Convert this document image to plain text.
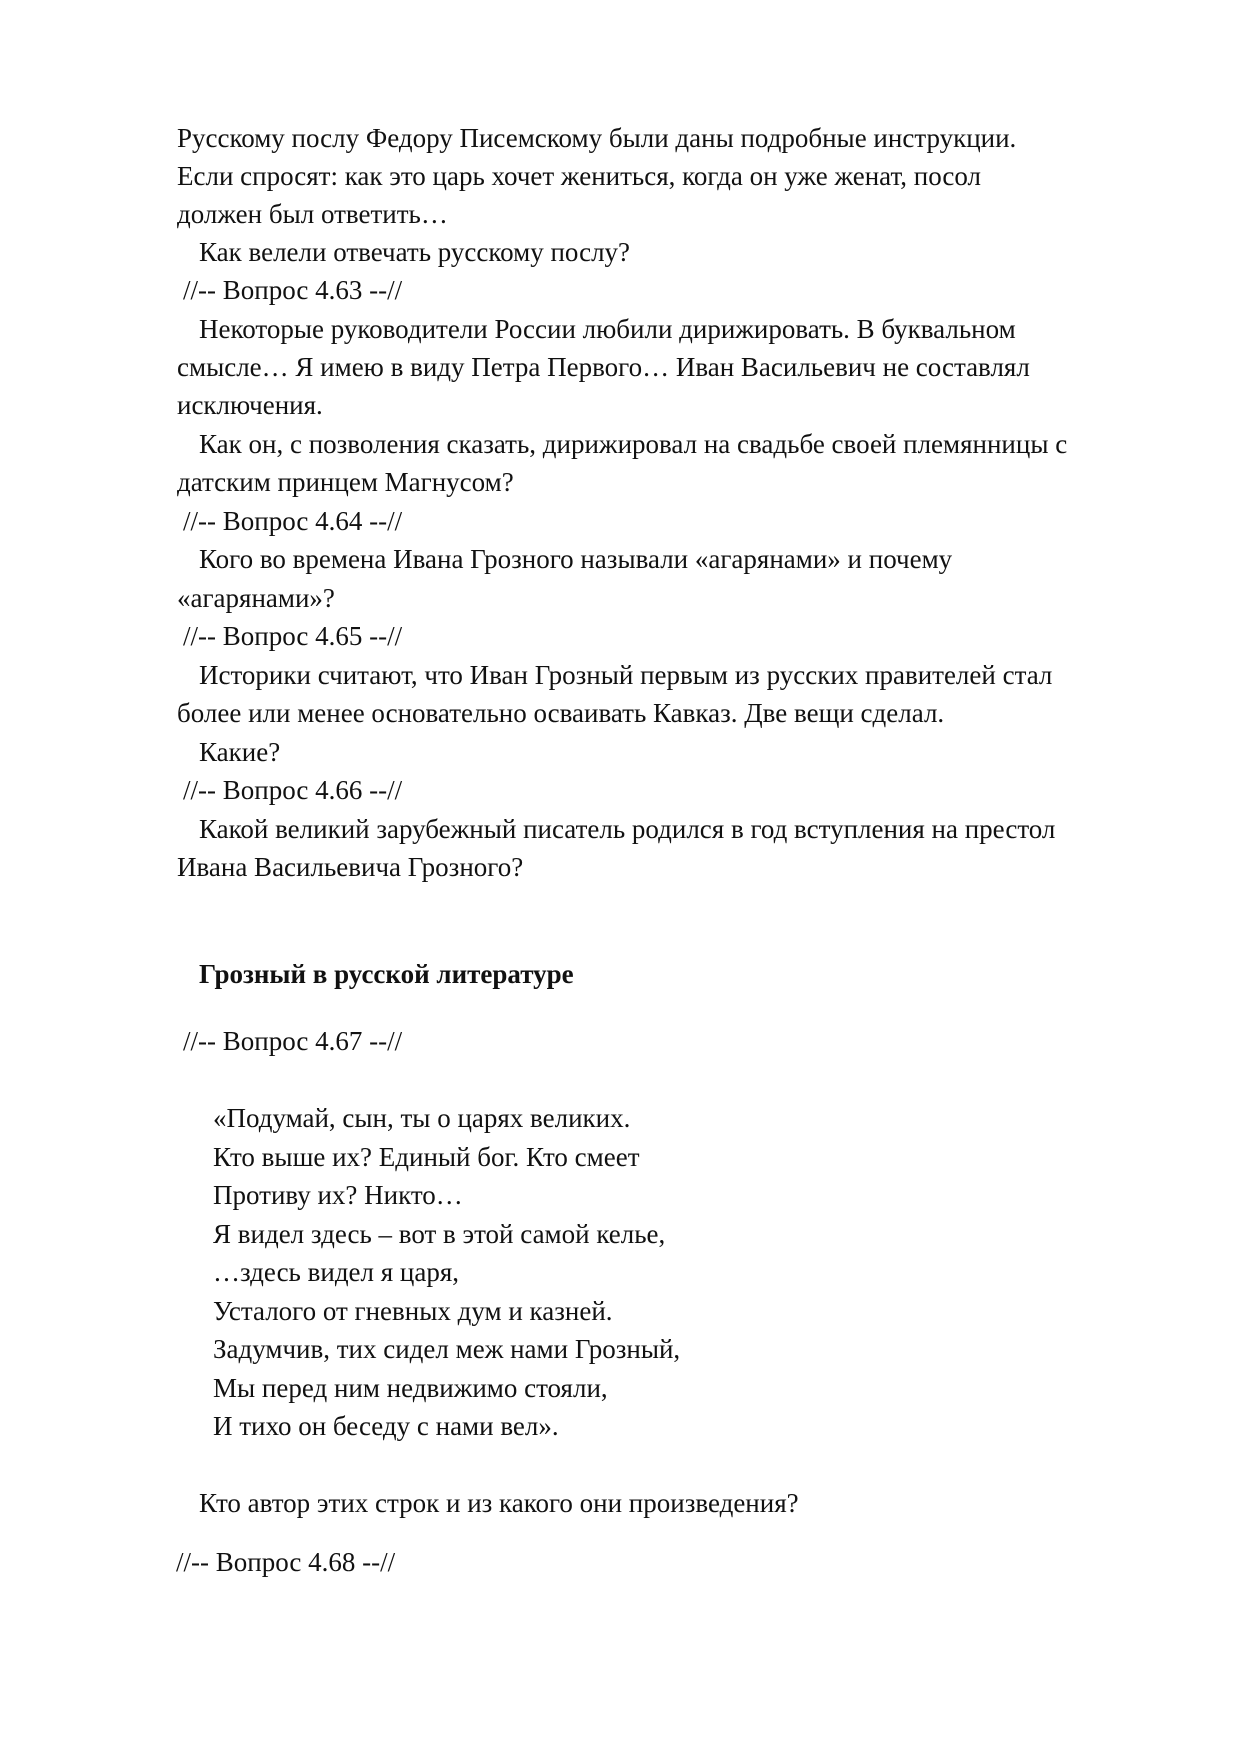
Русскому послу Федору Писемскому были даны подробные инструкции.
Если спросят: как это царь хочет жениться, когда он уже женат, посол
должен был ответить…
Как велели отвечать русскому послу?
//-- Вопрос 4.63 --//
Некоторые руководители России любили дирижировать. В буквальном
смысле… Я имею в виду Петра Первого… Иван Васильевич не составлял
исключения.
Как он, с позволения сказать, дирижировал на свадьбе своей племянницы с
датским принцем Магнусом?
//-- Вопрос 4.64 --//
Кого во времена Ивана Грозного называли «агарянами» и почему
«агарянами»?
//-- Вопрос 4.65 --//
Историки считают, что Иван Грозный первым из русских правителей стал
более или менее основательно осваивать Кавказ. Две вещи сделал.
Какие?
//-- Вопрос 4.66 --//
Какой великий зарубежный писатель родился в год вступления на престол
Ивана Васильевича Грозного?
Грозный в русской литературе
//-- Вопрос 4.67 --//
«Подумай, сын, ты о царях великих.
Кто выше их? Единый бог. Кто смеет
Противу их? Никто…
Я видел здесь – вот в этой самой келье,
…здесь видел я царя,
Усталого от гневных дум и казней.
Задумчив, тих сидел меж нами Грозный,
Мы перед ним недвижимо стояли,
И тихо он беседу с нами вел».
Кто автор этих строк и из какого они произведения?
//-- Вопрос 4.68 --//
